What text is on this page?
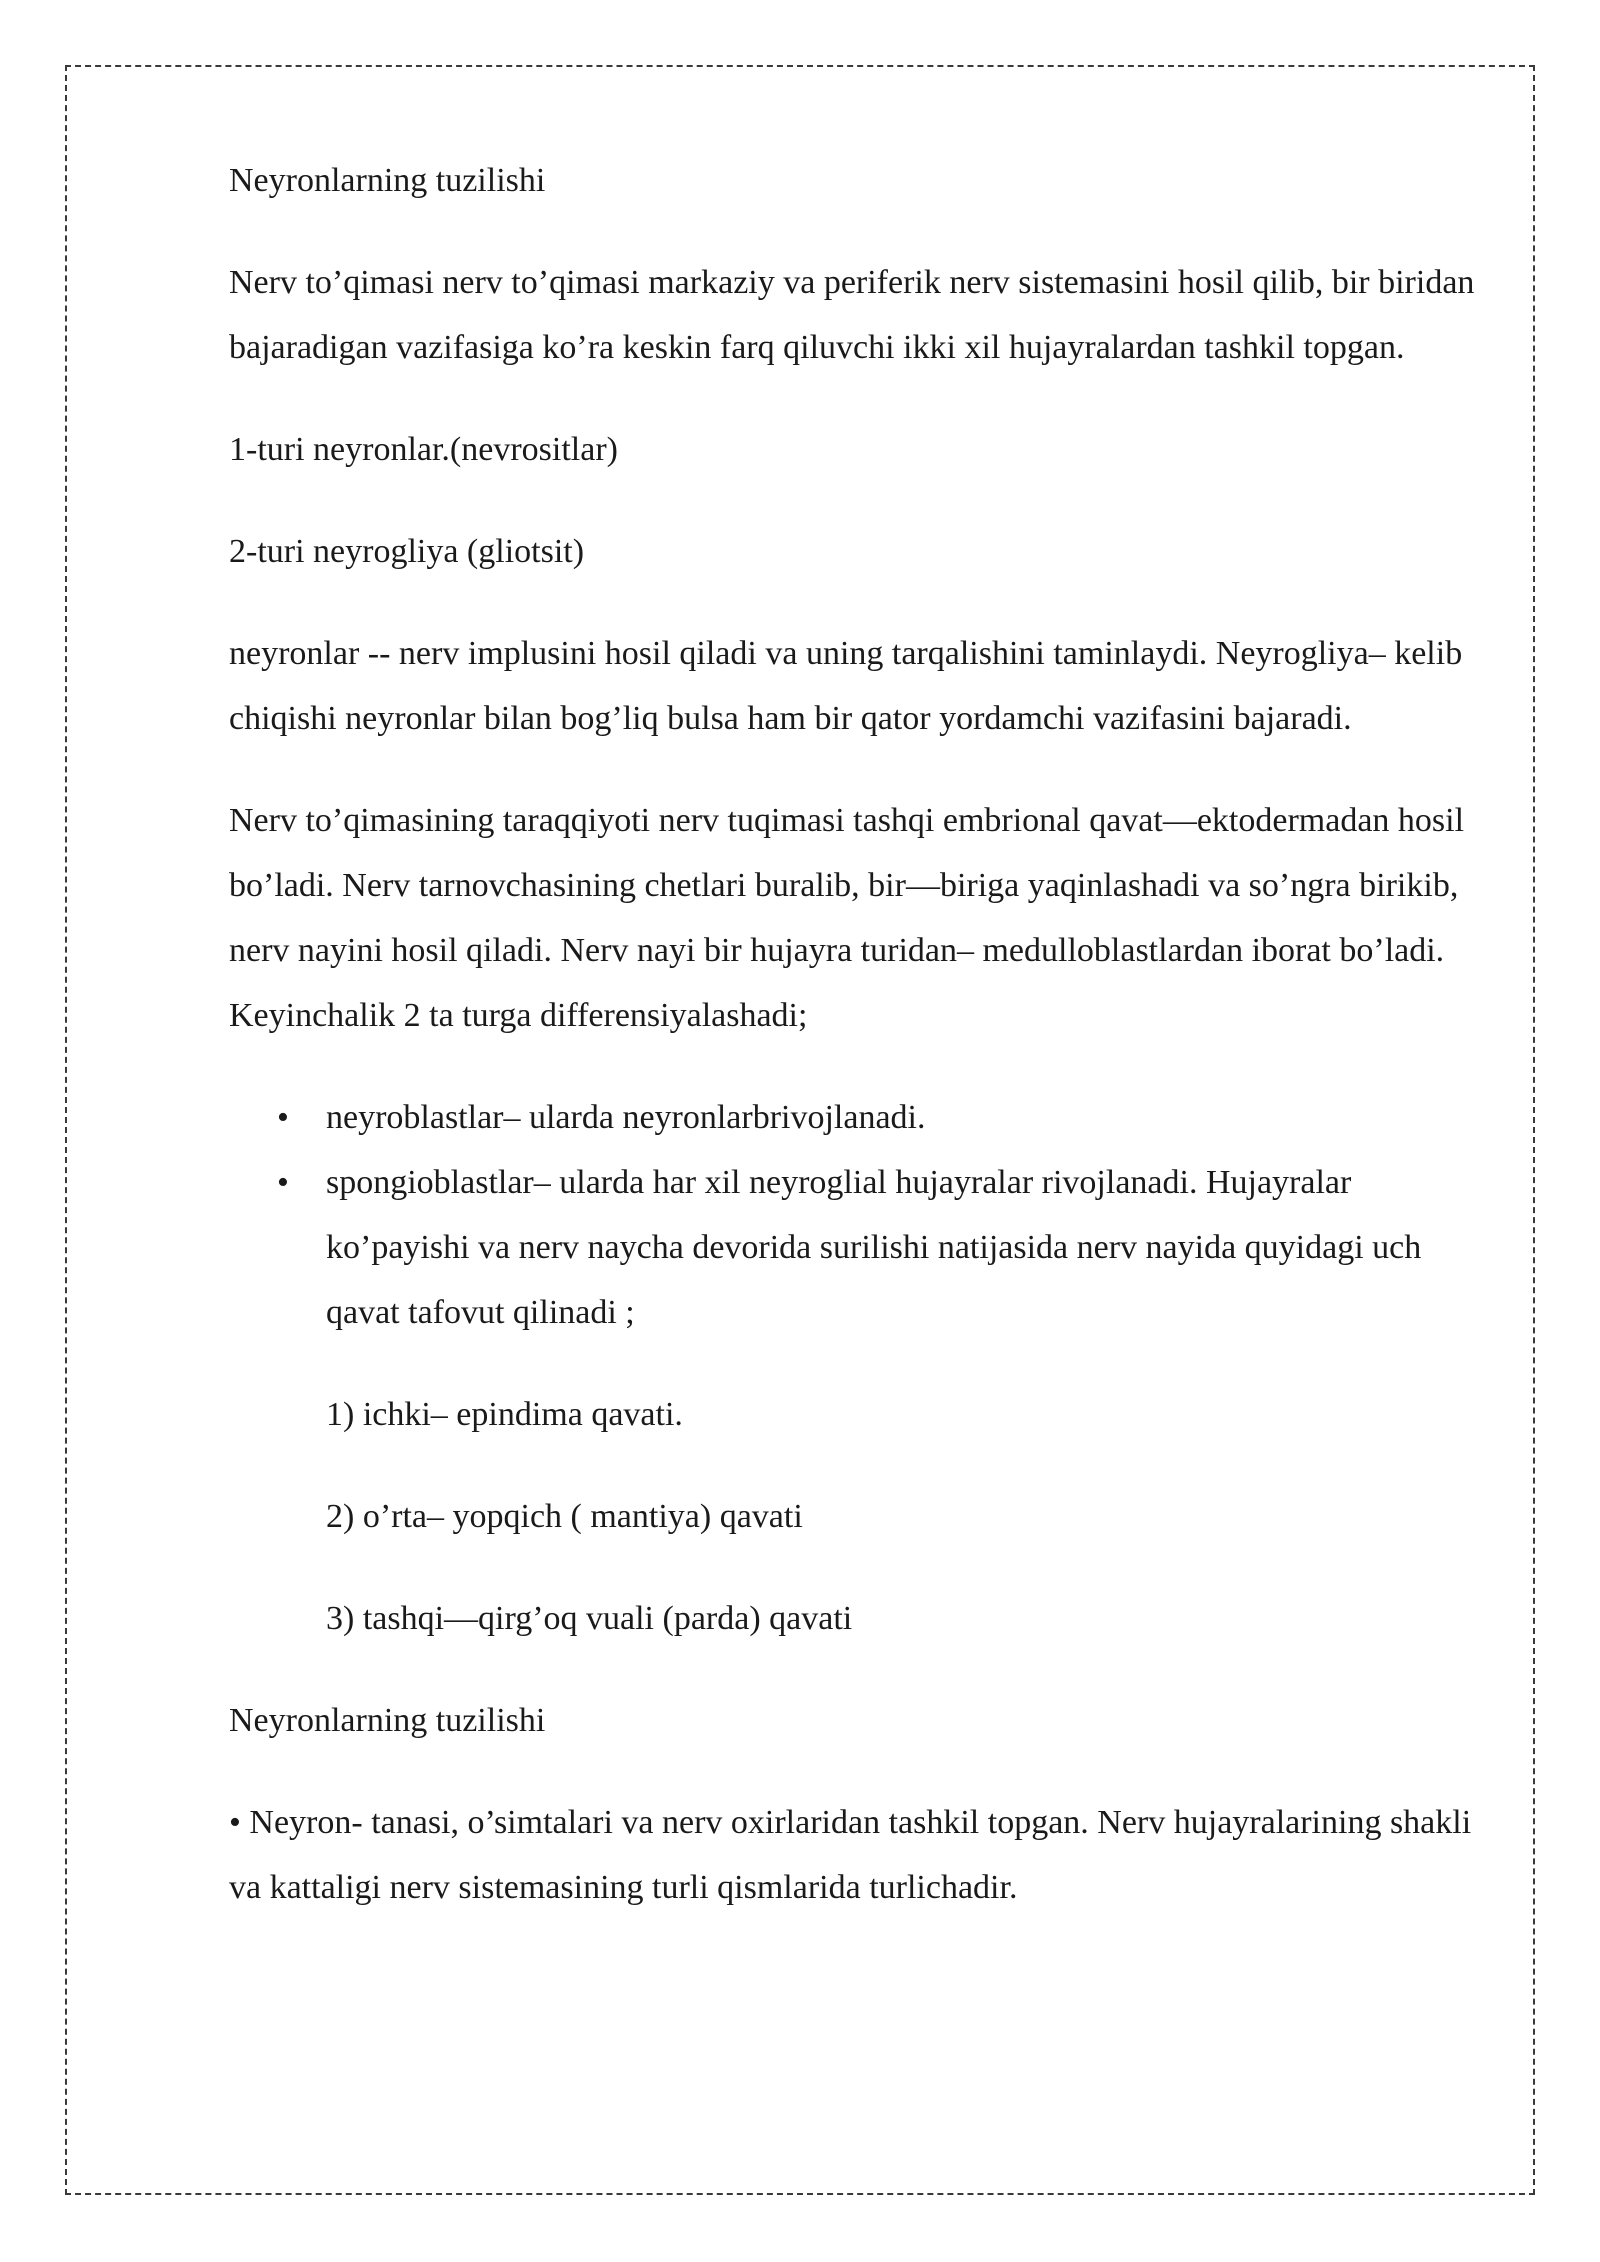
Neyronlarning tuzilishi

Nerv to’qimasi nerv to’qimasi markaziy va periferik nerv sistemasini hosil qilib, bir biridan bajaradigan vazifasiga ko’ra keskin farq qiluvchi ikki xil hujayralardan tashkil topgan.

1-turi neyronlar.(nevrositlar)

2-turi neyrogliya (gliotsit)

neyronlar -- nerv implusini hosil qiladi va uning tarqalishini taminlaydi. Neyrogliya– kelib chiqishi neyronlar bilan bog’liq bulsa ham bir qator yordamchi vazifasini bajaradi.

Nerv to’qimasining taraqqiyoti nerv tuqimasi tashqi embrional qavat—ektodermadan hosil bo’ladi. Nerv tarnovchasining chetlari buralib, bir—biriga yaqinlashadi va so’ngra birikib, nerv nayini hosil qiladi. Nerv nayi bir hujayra turidan– medulloblastlardan iborat bo’ladi. Keyinchalik 2 ta turga differensiyalashadi;

• neyroblastlar– ularda neyronlarbrivojlanadi.
• spongioblastlar– ularda har xil neyroglial hujayralar rivojlanadi. Hujayralar ko’payishi va nerv naycha devorida surilishi natijasida nerv nayida quyidagi uch qavat tafovut qilinadi ;

1) ichki– epindima qavati.

2) o’rta– yopqich ( mantiya) qavati

3) tashqi—qirg’oq vuali (parda) qavati

Neyronlarning tuzilishi

• Neyron- tanasi, o’simtalari va nerv oxirlaridan tashkil topgan. Nerv hujayralarining shakli va kattaligi nerv sistemasining turli qismlarida turlichadir.
